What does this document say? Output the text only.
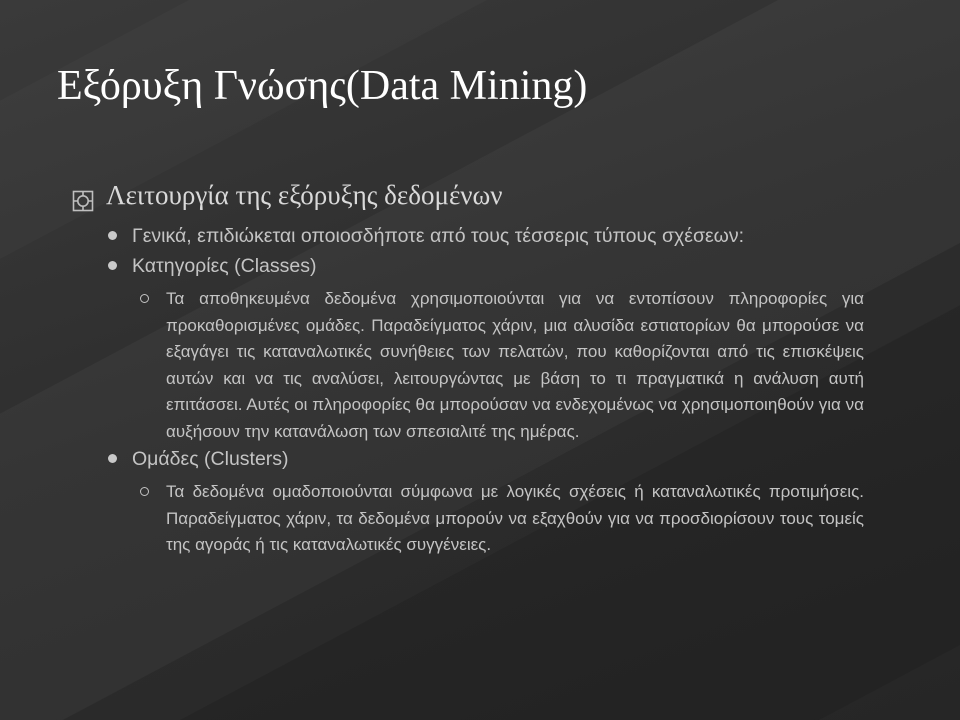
Εξόρυξη Γνώσης(Data Mining)
Λειτουργία της εξόρυξης δεδομένων
Γενικά, επιδιώκεται οποιοσδήποτε από τους τέσσερις τύπους σχέσεων:
Κατηγορίες (Classes)
Τα αποθηκευμένα δεδομένα χρησιμοποιούνται για να εντοπίσουν πληροφορίες για προκαθορισμένες ομάδες. Παραδείγματος χάριν, μια αλυσίδα εστιατορίων θα μπορούσε να εξαγάγει τις καταναλωτικές συνήθειες των πελατών, που καθορίζονται από τις επισκέψεις αυτών και να τις αναλύσει, λειτουργώντας με βάση το τι πραγματικά η ανάλυση αυτή επιτάσσει. Αυτές οι πληροφορίες θα μπορούσαν να ενδεχομένως να χρησιμοποιηθούν για να αυξήσουν την κατανάλωση των σπεσιαλιτέ της ημέρας.
Ομάδες (Clusters)
Τα δεδομένα ομαδοποιούνται σύμφωνα με λογικές σχέσεις ή καταναλωτικές προτιμήσεις. Παραδείγματος χάριν, τα δεδομένα μπορούν να εξαχθούν για να προσδιορίσουν τους τομείς της αγοράς ή τις καταναλωτικές συγγένειες.
